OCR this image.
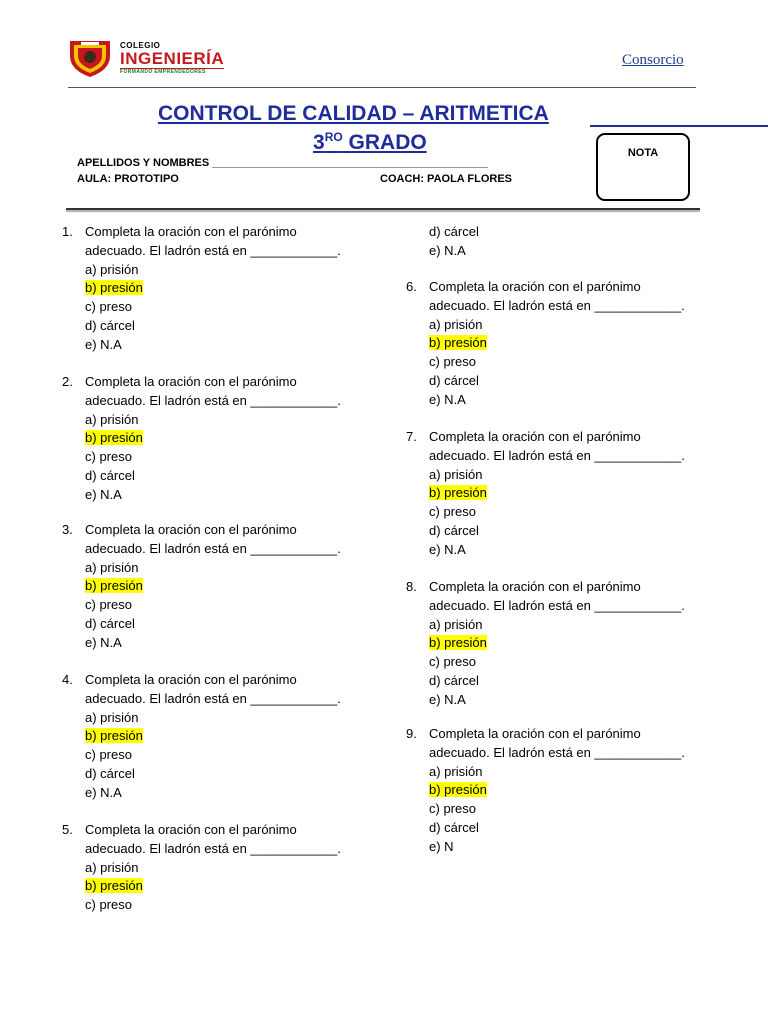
COLEGIO
INGENIERÍA
FORMANDO EMPRENDEDORES
Consorcio
CONTROL DE CALIDAD – ARITMETICA
$3^{RO}$ GRADO
APELLIDOS Y NOMBRES _____________________________________________
AULA: PROTOTIPO	COACH: PAOLA FLORES
NOTA
1. Completa la oración con el parónimo
adecuado. El ladrón está en ____________.
a) prisión
b) presión
c) preso
d) cárcel
e) N.A
2. Completa la oración con el parónimo
adecuado. El ladrón está en ____________.
a) prisión
b) presión
c) preso
d) cárcel
e) N.A
3. Completa la oración con el parónimo
adecuado. El ladrón está en ____________.
a) prisión
b) presión
c) preso
d) cárcel
e) N.A
4. Completa la oración con el parónimo
adecuado. El ladrón está en ____________.
a) prisión
b) presión
c) preso
d) cárcel
e) N.A
5. Completa la oración con el parónimo
adecuado. El ladrón está en ____________.
a) prisión
b) presión
c) preso
d) cárcel
e) N.A
6. Completa la oración con el parónimo
adecuado. El ladrón está en ____________.
a) prisión
b) presión
c) preso
d) cárcel
e) N.A
7. Completa la oración con el parónimo
adecuado. El ladrón está en ____________.
a) prisión
b) presión
c) preso
d) cárcel
e) N.A
8. Completa la oración con el parónimo
adecuado. El ladrón está en ____________.
a) prisión
b) presión
c) preso
d) cárcel
e) N.A
9. Completa la oración con el parónimo
adecuado. El ladrón está en ____________.
a) prisión
b) presión
c) preso
d) cárcel
e) N
